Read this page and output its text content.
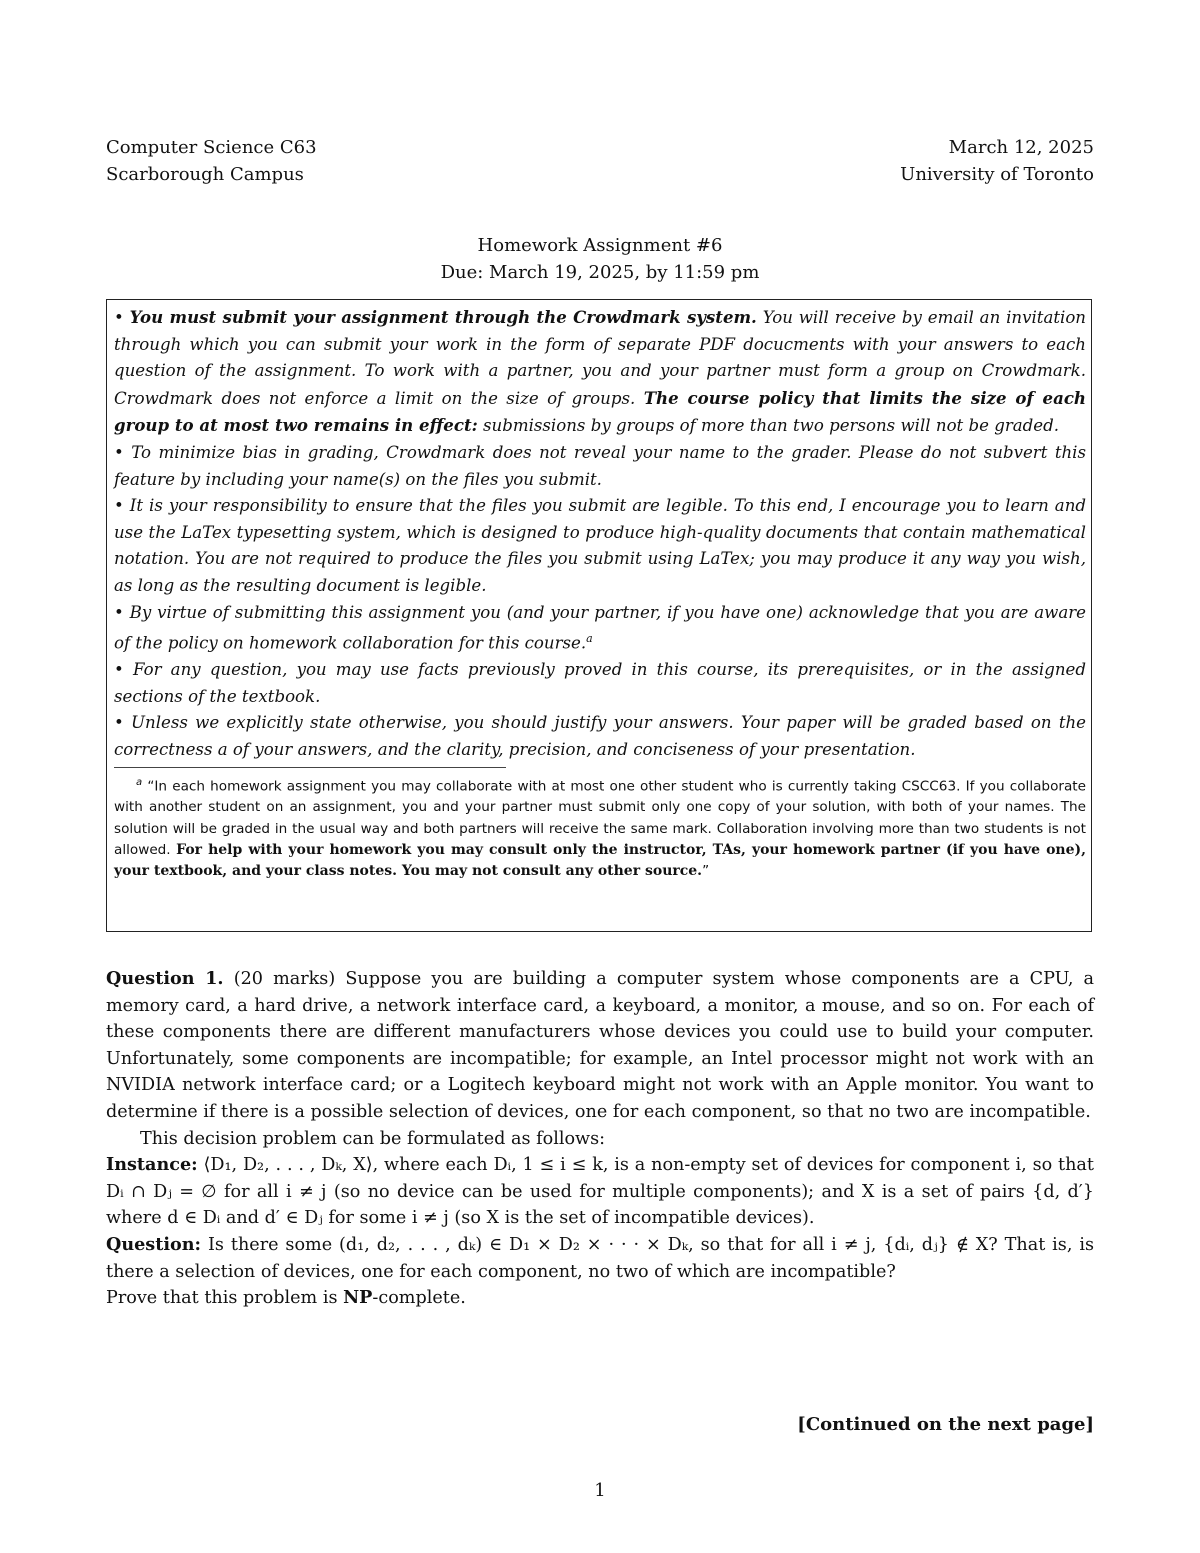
Computer Science C63
Scarborough Campus
March 12, 2025
University of Toronto
Homework Assignment #6
Due: March 19, 2025, by 11:59 pm
• You must submit your assignment through the Crowdmark system. You will receive by email an invitation through which you can submit your work in the form of separate PDF docucments with your answers to each question of the assignment. To work with a partner, you and your partner must form a group on Crowdmark. Crowdmark does not enforce a limit on the size of groups. The course policy that limits the size of each group to at most two remains in effect: submissions by groups of more than two persons will not be graded.
• To minimize bias in grading, Crowdmark does not reveal your name to the grader. Please do not subvert this feature by including your name(s) on the files you submit.
• It is your responsibility to ensure that the files you submit are legible. To this end, I encourage you to learn and use the LaTex typesetting system, which is designed to produce high-quality documents that contain mathematical notation. You are not required to produce the files you submit using LaTex; you may produce it any way you wish, as long as the resulting document is legible.
• By virtue of submitting this assignment you (and your partner, if you have one) acknowledge that you are aware of the policy on homework collaboration for this course.$^a$
• For any question, you may use facts previously proved in this course, its prerequisites, or in the assigned sections of the textbook.
• Unless we explicitly state otherwise, you should justify your answers. Your paper will be graded based on the correctness a of your answers, and the clarity, precision, and conciseness of your presentation.
$^a$ “In each homework assignment you may collaborate with at most one other student who is currently taking CSCC63. If you collaborate with another student on an assignment, you and your partner must submit only one copy of your solution, with both of your names. The solution will be graded in the usual way and both partners will receive the same mark. Collaboration involving more than two students is not allowed. For help with your homework you may consult only the instructor, TAs, your homework partner (if you have one), your textbook, and your class notes. You may not consult any other source.”

Question 1. (20 marks) Suppose you are building a computer system whose components are a CPU, a memory card, a hard drive, a network interface card, a keyboard, a monitor, a mouse, and so on. For each of these components there are different manufacturers whose devices you could use to build your computer. Unfortunately, some components are incompatible; for example, an Intel processor might not work with an NVIDIA network interface card; or a Logitech keyboard might not work with an Apple monitor. You want to determine if there is a possible selection of devices, one for each component, so that no two are incompatible.

This decision problem can be formulated as follows:

Instance: ⟨D₁, D₂, . . . , Dₖ, X⟩, where each Dᵢ, 1 ≤ i ≤ k, is a non-empty set of devices for component i, so that Dᵢ ∩ Dⱼ = ∅ for all i ≠ j (so no device can be used for multiple components); and X is a set of pairs {d, d′} where d ∈ Dᵢ and d′ ∈ Dⱼ for some i ≠ j (so X is the set of incompatible devices).

Question: Is there some (d₁, d₂, . . . , dₖ) ∈ D₁ × D₂ × · · · × Dₖ, so that for all i ≠ j, {dᵢ, dⱼ} ∉ X? That is, is there a selection of devices, one for each component, no two of which are incompatible?

Prove that this problem is NP-complete.

[Continued on the next page]
1
